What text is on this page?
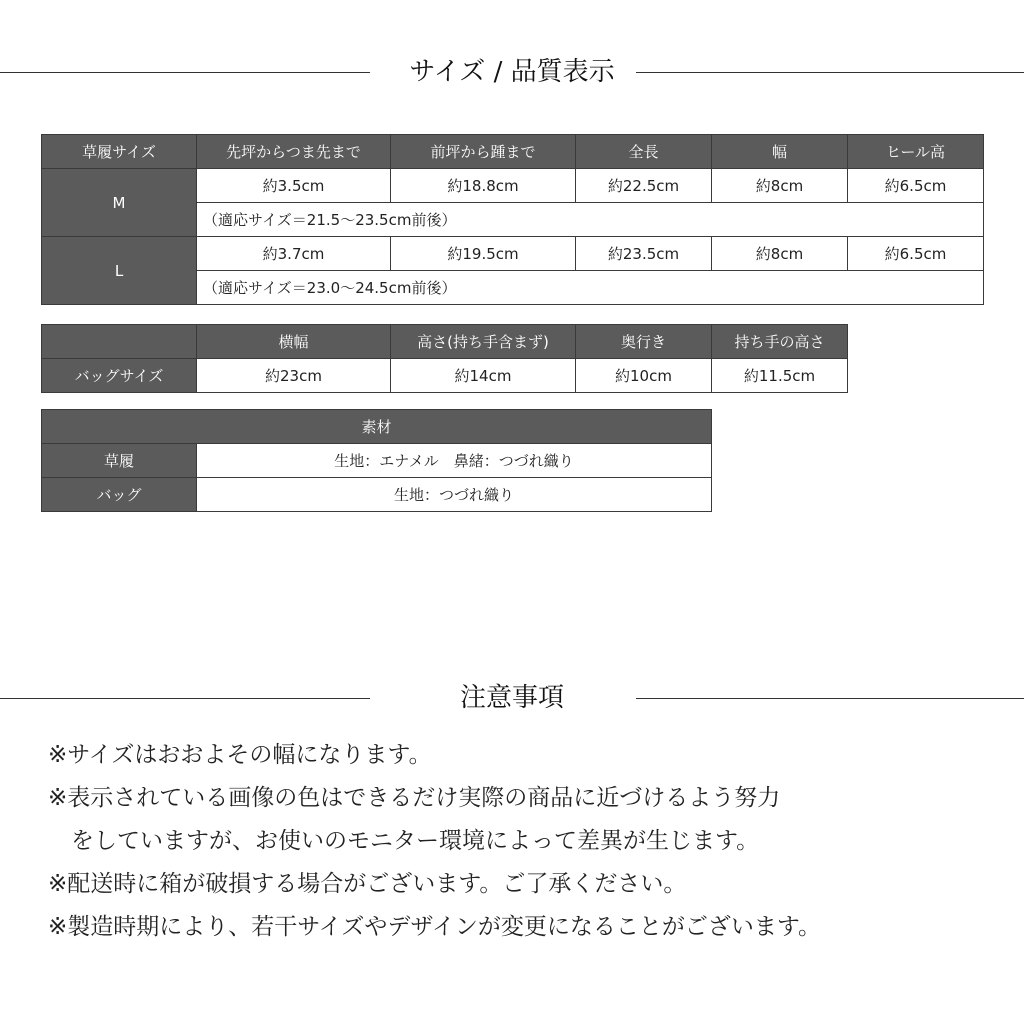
サイズ / 品質表示
草履サイズ	先坪からつま先まで	前坪から踵まで	全長	幅	ヒール高
M	約3.5cm	約18.8cm	約22.5cm	約8cm	約6.5cm
	（適応サイズ＝21.5〜23.5cm前後）				
L	約3.7cm	約19.5cm	約23.5cm	約8cm	約6.5cm
	（適応サイズ＝23.0〜24.5cm前後）				
	横幅	高さ(持ち手含まず)	奥行き	持ち手の高さ
バッグサイズ	約23cm	約14cm	約10cm	約11.5cm
素材	
草履	生地：エナメル　鼻緒：つづれ織り
バッグ	生地：つづれ織り
注意事項
※サイズはおおよその幅になります。
※表示されている画像の色はできるだけ実際の商品に近づけるよう努力
　をしていますが、お使いのモニター環境によって差異が生じます。
※配送時に箱が破損する場合がございます。ご了承ください。
※製造時期により、若干サイズやデザインが変更になることがございます。
